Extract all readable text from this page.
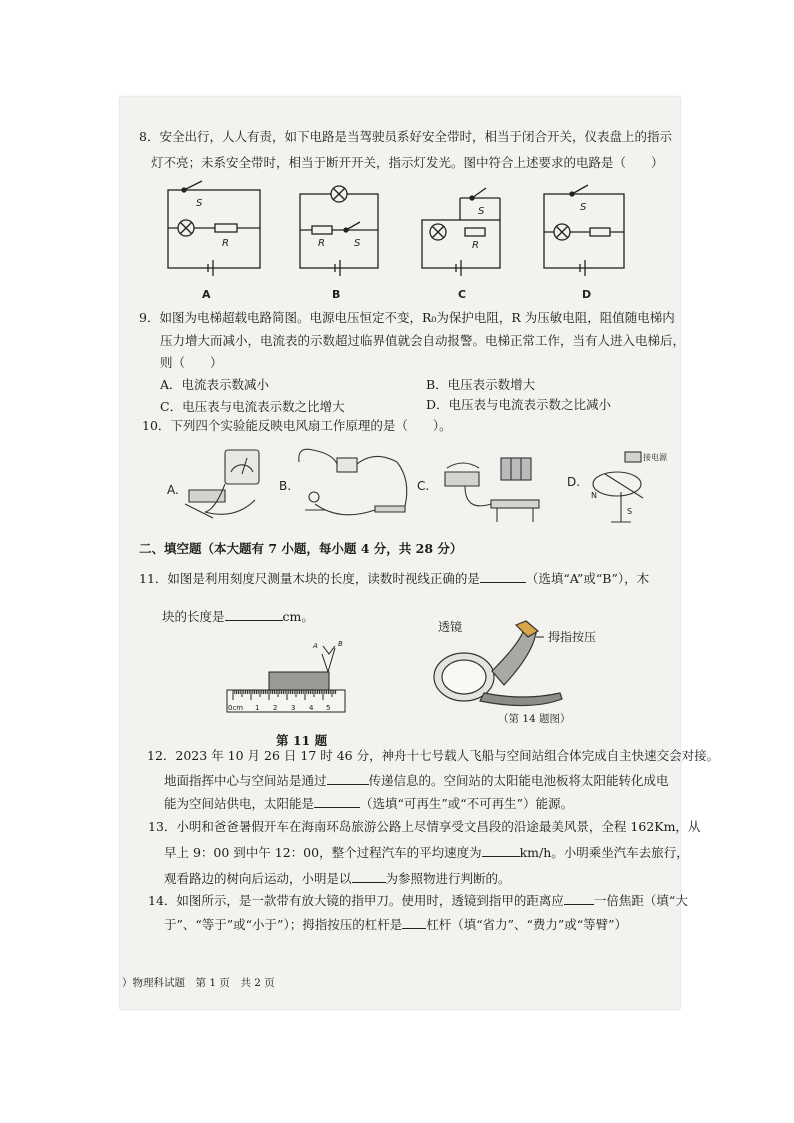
8．安全出行，人人有责，如下电路是当驾驶员系好安全带时，相当于闭合开关，仪表盘上的指示
灯不亮；未系安全带时，相当于断开开关，指示灯发光。图中符合上述要求的电路是（　　）
S
R	R	S
S
R
S
A	B	C	D
9．如图为电梯超载电路简图。电源电压恒定不变，R₀为保护电阻，R 为压敏电阻，阻值随电梯内
压力增大而减小，电流表的示数超过临界值就会自动报警。电梯正常工作，当有人进入电梯后，
则（　　）
A．电流表示数减小	B．电压表示数增大
C．电压表与电流表示数之比增大	D．电压表与电流表示数之比减小
10．下列四个实验能反映电风扇工作原理的是（　　）。
A.	B.	C.	D.
接电源
N
S
二、填空题（本大题有 7 小题，每小题 4 分，共 28 分）
11．如图是利用刻度尺测量木块的长度，读数时视线正确的是	（选填“A”或“B”），木
块的长度是	cm。
0cm 1 2 3 4 5
A	B
第 11 题
透镜
拇指按压
（第 14 题图）
12．2023 年 10 月 26 日 17 时 46 分，神舟十七号载人飞船与空间站组合体完成自主快速交会对接。
地面指挥中心与空间站是通过	传递信息的。空间站的太阳能电池板将太阳能转化成电
能为空间站供电，太阳能是	（选填“可再生”或“不可再生”）能源。
13．小明和爸爸暑假开车在海南环岛旅游公路上尽情享受文昌段的沿途最美风景，全程 162Km，从
早上 9：00 到中午 12：00，整个过程汽车的平均速度为	km/h。小明乘坐汽车去旅行，
观看路边的树向后运动，小明是以	为参照物进行判断的。
14．如图所示，是一款带有放大镜的指甲刀。使用时，透镜到指甲的距离应 一倍焦距（填“大
于”、“等于”或“小于”）；拇指按压的杠杆是 杠杆（填“省力”、“费力”或“等臂”）
）物理科试题　第 1 页　共 2 页
